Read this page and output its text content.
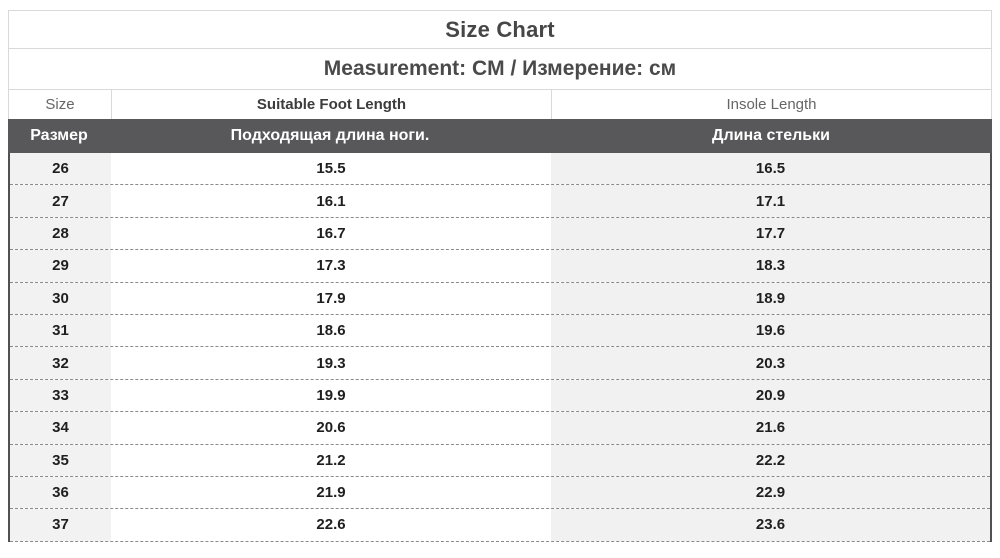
Size Chart
Measurement: CM / Измерение: см
Size	Suitable Foot Length	Insole Length
Размер	Подходящая длина ноги.	Длина стельки
26	15.5	16.5
27	16.1	17.1
28	16.7	17.7
29	17.3	18.3
30	17.9	18.9
31	18.6	19.6
32	19.3	20.3
33	19.9	20.9
34	20.6	21.6
35	21.2	22.2
36	21.9	22.9
37	22.6	23.6
